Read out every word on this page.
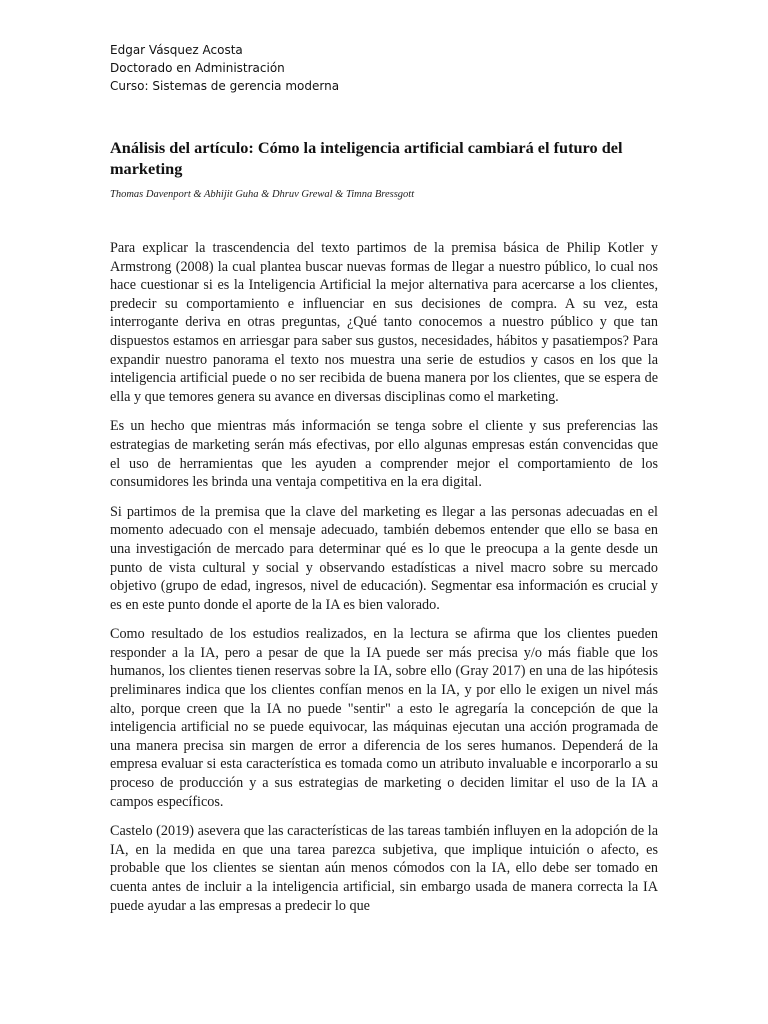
Edgar Vásquez Acosta
Doctorado en Administración
Curso: Sistemas de gerencia moderna
Análisis del artículo: Cómo la inteligencia artificial cambiará el futuro del marketing
Thomas Davenport & Abhijit Guha & Dhruv Grewal & Timna Bressgott

Para explicar la trascendencia del texto partimos de la premisa básica de Philip Kotler y Armstrong (2008) la cual plantea buscar nuevas formas de llegar a nuestro público, lo cual nos hace cuestionar si es la Inteligencia Artificial la mejor alternativa para acercarse a los clientes, predecir su comportamiento e influenciar en sus decisiones de compra. A su vez, esta interrogante deriva en otras preguntas, ¿Qué tanto conocemos a nuestro público y que tan dispuestos estamos en arriesgar para saber sus gustos, necesidades, hábitos y pasatiempos? Para expandir nuestro panorama el texto nos muestra una serie de estudios y casos en los que la inteligencia artificial puede o no ser recibida de buena manera por los clientes, que se espera de ella y que temores genera su avance en diversas disciplinas como el marketing.

Es un hecho que mientras más información se tenga sobre el cliente y sus preferencias las estrategias de marketing serán más efectivas, por ello algunas empresas están convencidas que el uso de herramientas que les ayuden a comprender mejor el comportamiento de los consumidores les brinda una ventaja competitiva en la era digital.

Si partimos de la premisa que la clave del marketing es llegar a las personas adecuadas en el momento adecuado con el mensaje adecuado, también debemos entender que ello se basa en una investigación de mercado para determinar qué es lo que le preocupa a la gente desde un punto de vista cultural y social y observando estadísticas a nivel macro sobre su mercado objetivo (grupo de edad, ingresos, nivel de educación). Segmentar esa información es crucial y es en este punto donde el aporte de la IA es bien valorado.

Como resultado de los estudios realizados, en la lectura se afirma que los clientes pueden responder a la IA, pero a pesar de que la IA puede ser más precisa y/o más fiable que los humanos, los clientes tienen reservas sobre la IA, sobre ello (Gray 2017) en una de las hipótesis preliminares indica que los clientes confían menos en la IA, y por ello le exigen un nivel más alto, porque creen que la IA no puede "sentir" a esto le agregaría la concepción de que la inteligencia artificial no se puede equivocar, las máquinas ejecutan una acción programada de una manera precisa sin margen de error a diferencia de los seres humanos. Dependerá de la empresa evaluar si esta característica es tomada como un atributo invaluable e incorporarlo a su proceso de producción y a sus estrategias de marketing o deciden limitar el uso de la IA a campos específicos.

Castelo (2019) asevera que las características de las tareas también influyen en la adopción de la IA, en la medida en que una tarea parezca subjetiva, que implique intuición o afecto, es probable que los clientes se sientan aún menos cómodos con la IA, ello debe ser tomado en cuenta antes de incluir a la inteligencia artificial, sin embargo usada de manera correcta la IA puede ayudar a las empresas a predecir lo que
